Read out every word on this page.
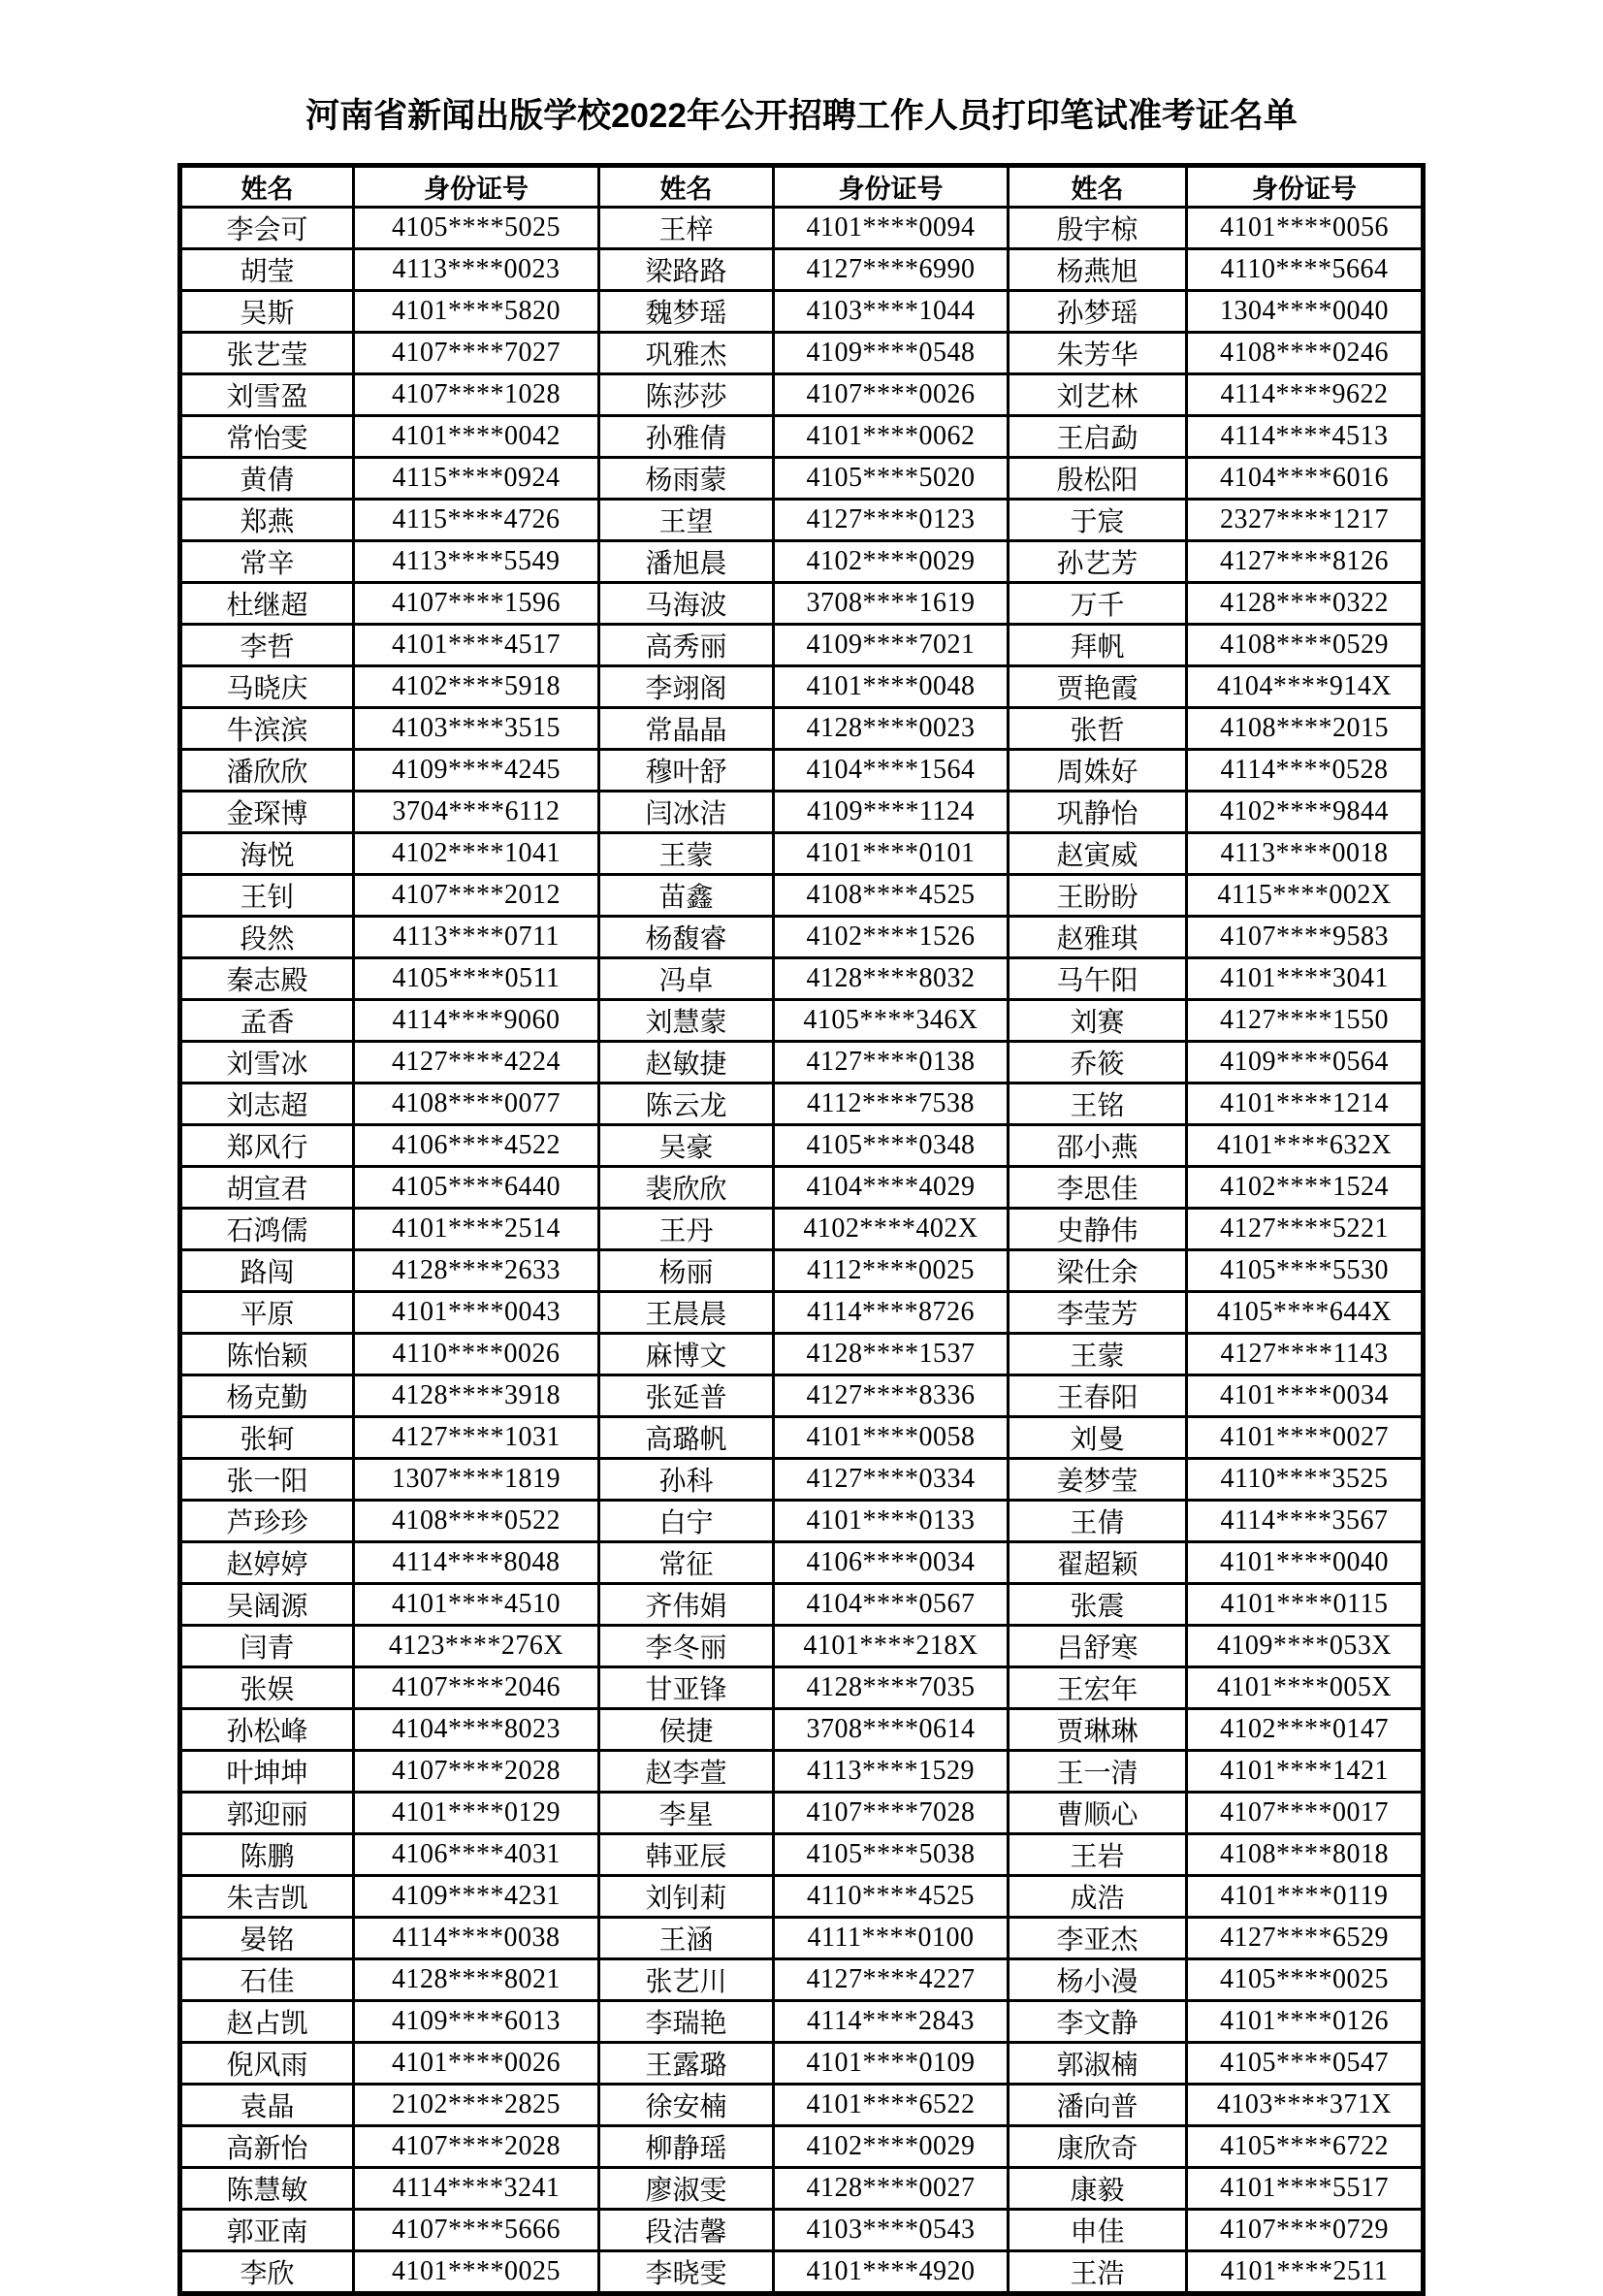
河南省新闻出版学校2022年公开招聘工作人员打印笔试准考证名单
姓名	身份证号	姓名	身份证号	姓名	身份证号
李会可	4105****5025	王梓	4101****0094	殷宇椋	4101****0056
胡莹	4113****0023	梁路路	4127****6990	杨燕旭	4110****5664
吴斯	4101****5820	魏梦瑶	4103****1044	孙梦瑶	1304****0040
张艺莹	4107****7027	巩雅杰	4109****0548	朱芳华	4108****0246
刘雪盈	4107****1028	陈莎莎	4107****0026	刘艺林	4114****9622
常怡雯	4101****0042	孙雅倩	4101****0062	王启勐	4114****4513
黄倩	4115****0924	杨雨蒙	4105****5020	殷松阳	4104****6016
郑燕	4115****4726	王望	4127****0123	于宸	2327****1217
常辛	4113****5549	潘旭晨	4102****0029	孙艺芳	4127****8126
杜继超	4107****1596	马海波	3708****1619	万千	4128****0322
李哲	4101****4517	高秀丽	4109****7021	拜帆	4108****0529
马晓庆	4102****5918	李翊阁	4101****0048	贾艳霞	4104****914X
牛滨滨	4103****3515	常晶晶	4128****0023	张哲	4108****2015
潘欣欣	4109****4245	穆叶舒	4104****1564	周姝好	4114****0528
金琛博	3704****6112	闫冰洁	4109****1124	巩静怡	4102****9844
海悦	4102****1041	王蒙	4101****0101	赵寅威	4113****0018
王钊	4107****2012	苗鑫	4108****4525	王盼盼	4115****002X
段然	4113****0711	杨馥睿	4102****1526	赵雅琪	4107****9583
秦志殿	4105****0511	冯卓	4128****8032	马午阳	4101****3041
孟香	4114****9060	刘慧蒙	4105****346X	刘赛	4127****1550
刘雪冰	4127****4224	赵敏捷	4127****0138	乔筱	4109****0564
刘志超	4108****0077	陈云龙	4112****7538	王铭	4101****1214
郑风行	4106****4522	吴豪	4105****0348	邵小燕	4101****632X
胡宣君	4105****6440	裴欣欣	4104****4029	李思佳	4102****1524
石鸿儒	4101****2514	王丹	4102****402X	史静伟	4127****5221
路闯	4128****2633	杨丽	4112****0025	梁仕余	4105****5530
平原	4101****0043	王晨晨	4114****8726	李莹芳	4105****644X
陈怡颖	4110****0026	麻博文	4128****1537	王蒙	4127****1143
杨克勤	4128****3918	张延普	4127****8336	王春阳	4101****0034
张轲	4127****1031	高璐帆	4101****0058	刘曼	4101****0027
张一阳	1307****1819	孙科	4127****0334	姜梦莹	4110****3525
芦珍珍	4108****0522	白宁	4101****0133	王倩	4114****3567
赵婷婷	4114****8048	常征	4106****0034	翟超颖	4101****0040
吴阔源	4101****4510	齐伟娟	4104****0567	张震	4101****0115
闫青	4123****276X	李冬丽	4101****218X	吕舒寒	4109****053X
张娱	4107****2046	甘亚锋	4128****7035	王宏年	4101****005X
孙松峰	4104****8023	侯捷	3708****0614	贾琳琳	4102****0147
叶坤坤	4107****2028	赵李萱	4113****1529	王一清	4101****1421
郭迎丽	4101****0129	李星	4107****7028	曹顺心	4107****0017
陈鹏	4106****4031	韩亚辰	4105****5038	王岩	4108****8018
朱吉凯	4109****4231	刘钊莉	4110****4525	成浩	4101****0119
晏铭	4114****0038	王涵	4111****0100	李亚杰	4127****6529
石佳	4128****8021	张艺川	4127****4227	杨小漫	4105****0025
赵占凯	4109****6013	李瑞艳	4114****2843	李文静	4101****0126
倪风雨	4101****0026	王露璐	4101****0109	郭淑楠	4105****0547
袁晶	2102****2825	徐安楠	4101****6522	潘向普	4103****371X
高新怡	4107****2028	柳静瑶	4102****0029	康欣奇	4105****6722
陈慧敏	4114****3241	廖淑雯	4128****0027	康毅	4101****5517
郭亚南	4107****5666	段洁馨	4103****0543	申佳	4107****0729
李欣	4101****0025	李晓雯	4101****4920	王浩	4101****2511
